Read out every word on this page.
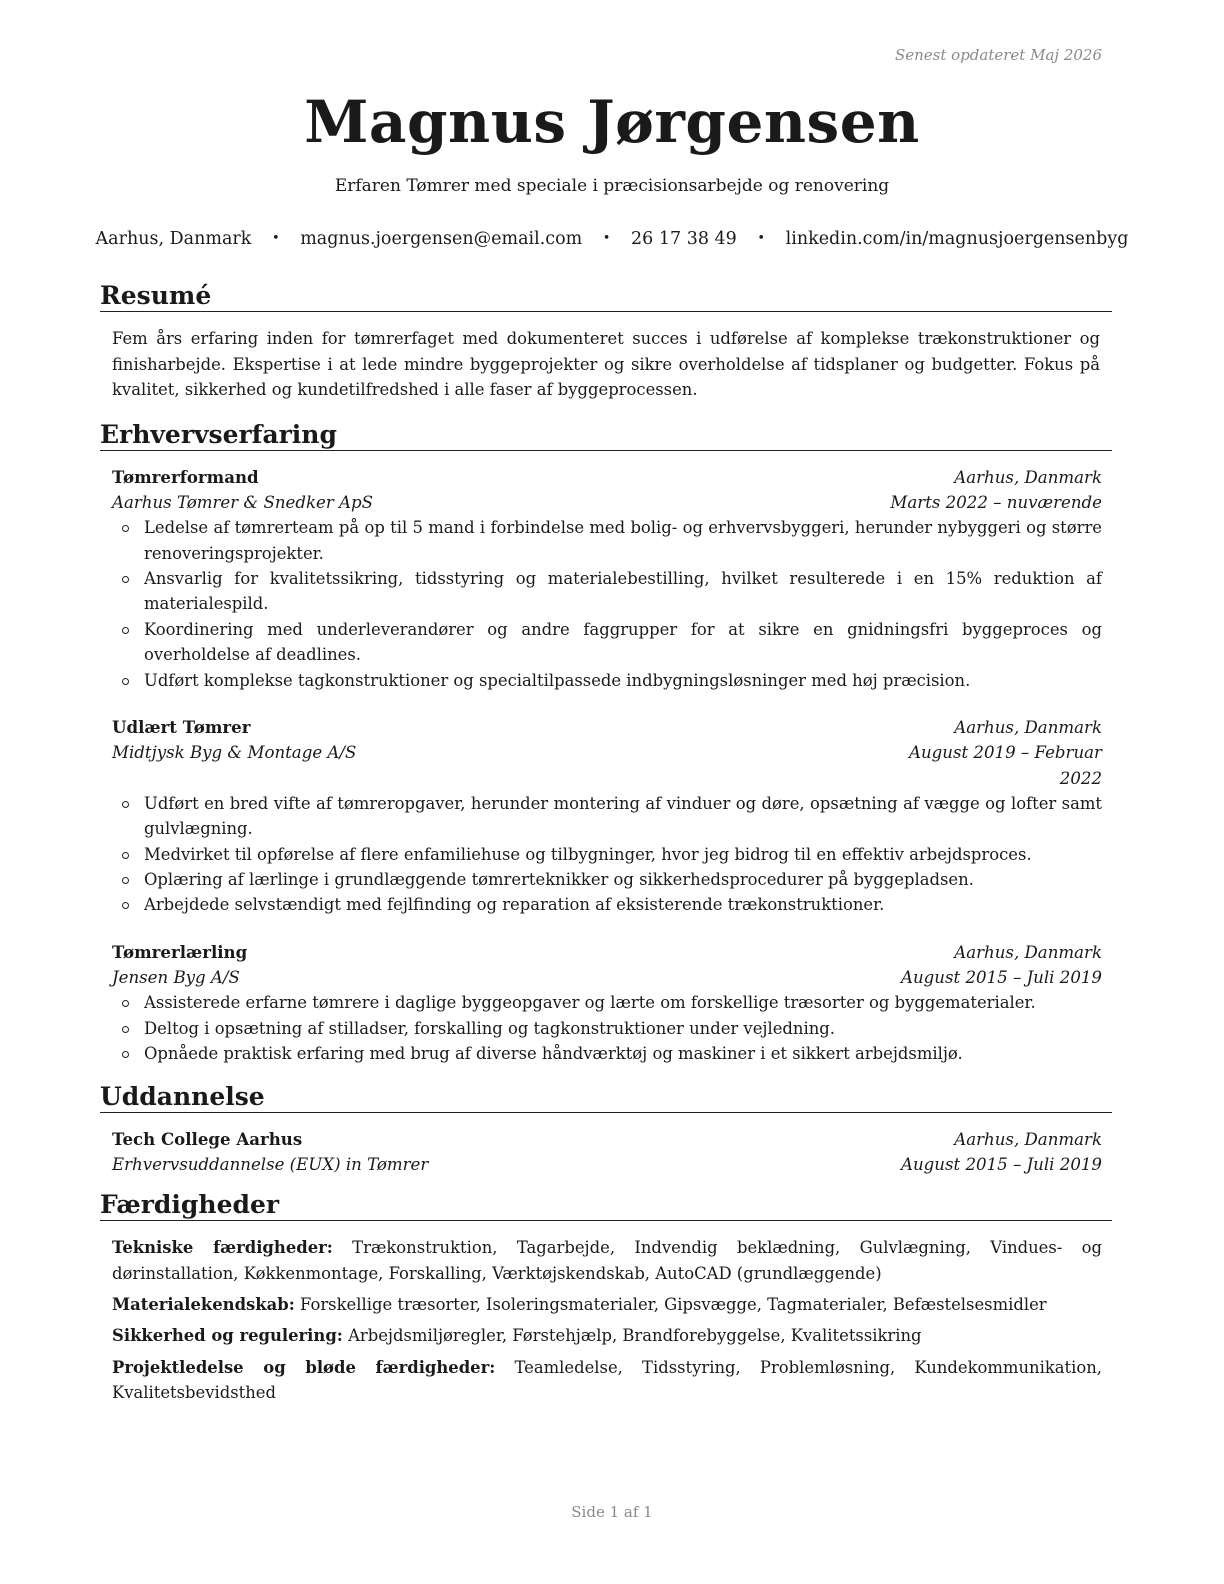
Senest opdateret Maj 2026
Magnus Jørgensen
Erfaren Tømrer med speciale i præcisionsarbejde og renovering
Aarhus, Danmark • magnus.joergensen@email.com • 26 17 38 49 • linkedin.com/in/magnusjoergensenbyg
Resumé
Fem års erfaring inden for tømrerfaget med dokumenteret succes i udførelse af komplekse trækonstruktioner og finisharbejde. Ekspertise i at lede mindre byggeprojekter og sikre overholdelse af tidsplaner og budgetter. Fokus på kvalitet, sikkerhed og kundetilfredshed i alle faser af byggeprocessen.
Erhvervserfaring
Tømrerformand	Aarhus, Danmark
Aarhus Tømrer & Snedker ApS	Marts 2022 – nuværende
Ledelse af tømrerteam på op til 5 mand i forbindelse med bolig- og erhvervsbyggeri, herunder nybyggeri og større renoveringsprojekter.
Ansvarlig for kvalitetssikring, tidsstyring og materialebestilling, hvilket resulterede i en 15% reduktion af materialespild.
Koordinering med underleverandører og andre faggrupper for at sikre en gnidningsfri byggeproces og overholdelse af deadlines.
Udført komplekse tagkonstruktioner og specialtilpassede indbygningsløsninger med høj præcision.
Udlært Tømrer	Aarhus, Danmark
Midtjysk Byg & Montage A/S	August 2019 – Februar 2022
Udført en bred vifte af tømreropgaver, herunder montering af vinduer og døre, opsætning af vægge og lofter samt gulvlægning.
Medvirket til opførelse af flere enfamiliehuse og tilbygninger, hvor jeg bidrog til en effektiv arbejdsproces.
Oplæring af lærlinge i grundlæggende tømrerteknikker og sikkerhedsprocedurer på byggepladsen.
Arbejdede selvstændigt med fejlfinding og reparation af eksisterende trækonstruktioner.
Tømrerlærling	Aarhus, Danmark
Jensen Byg A/S	August 2015 – Juli 2019
Assisterede erfarne tømrere i daglige byggeopgaver og lærte om forskellige træsorter og byggematerialer.
Deltog i opsætning af stilladser, forskalling og tagkonstruktioner under vejledning.
Opnåede praktisk erfaring med brug af diverse håndværktøj og maskiner i et sikkert arbejdsmiljø.
Uddannelse
Tech College Aarhus	Aarhus, Danmark
Erhvervsuddannelse (EUX) in Tømrer	August 2015 – Juli 2019
Færdigheder
Tekniske færdigheder: Trækonstruktion, Tagarbejde, Indvendig beklædning, Gulvlægning, Vindues- og dørinstallation, Køkkenmontage, Forskalling, Værktøjskendskab, AutoCAD (grundlæggende)
Materialekendskab: Forskellige træsorter, Isoleringsmaterialer, Gipsvægge, Tagmaterialer, Befæstelsesmidler
Sikkerhed og regulering: Arbejdsmiljøregler, Førstehjælp, Brandforebyggelse, Kvalitetssikring
Projektledelse og bløde færdigheder: Teamledelse, Tidsstyring, Problemløsning, Kundekommunikation, Kvalitetsbevidsthed
Side 1 af 1
